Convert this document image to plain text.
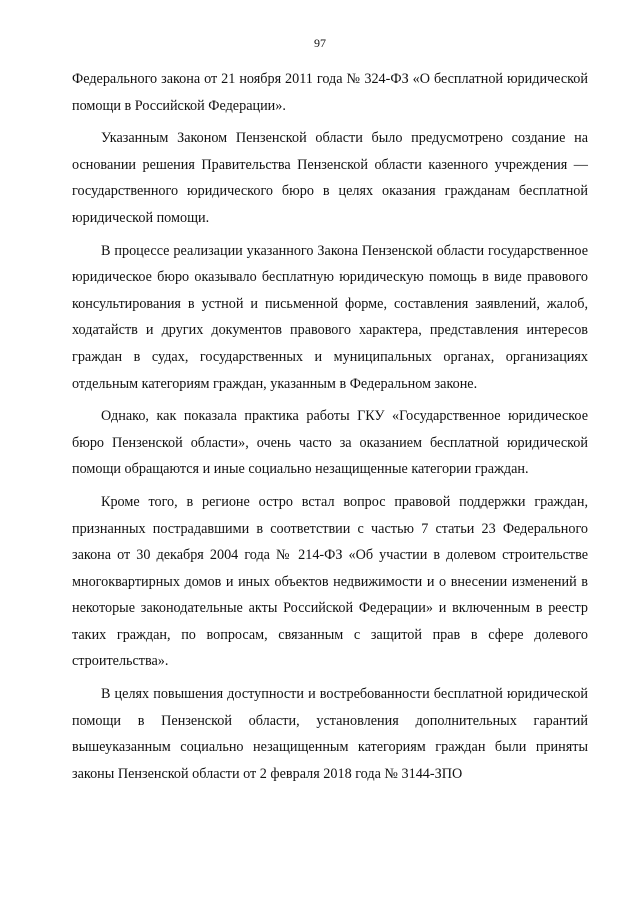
97

Федерального закона от 21 ноября 2011 года № 324-ФЗ «О бесплатной юридической помощи в Российской Федерации».

Указанным Законом Пензенской области было предусмотрено создание на основании решения Правительства Пензенской области казенного учреждения — государственного юридического бюро в целях оказания гражданам бесплатной юридической помощи.

В процессе реализации указанного Закона Пензенской области государственное юридическое бюро оказывало бесплатную юридическую помощь в виде правового консультирования в устной и письменной форме, составления заявлений, жалоб, ходатайств и других документов правового характера, представления интересов граждан в судах, государственных и муниципальных органах, организациях отдельным категориям граждан, указанным в Федеральном законе.

Однако, как показала практика работы ГКУ «Государственное юридическое бюро Пензенской области», очень часто за оказанием бесплатной юридической помощи обращаются и иные социально незащищенные категории граждан.

Кроме того, в регионе остро встал вопрос правовой поддержки граждан, признанных пострадавшими в соответствии с частью 7 статьи 23 Федерального закона от 30 декабря 2004 года № 214-ФЗ «Об участии в долевом строительстве многоквартирных домов и иных объектов недвижимости и о внесении изменений в некоторые законодательные акты Российской Федерации» и включенным в реестр таких граждан, по вопросам, связанным с защитой прав в сфере долевого строительства».

В целях повышения доступности и востребованности бесплатной юридической помощи в Пензенской области, установления дополнительных гарантий вышеуказанным социально незащищенным категориям граждан были приняты законы Пензенской области от 2 февраля 2018 года № 3144-ЗПО
